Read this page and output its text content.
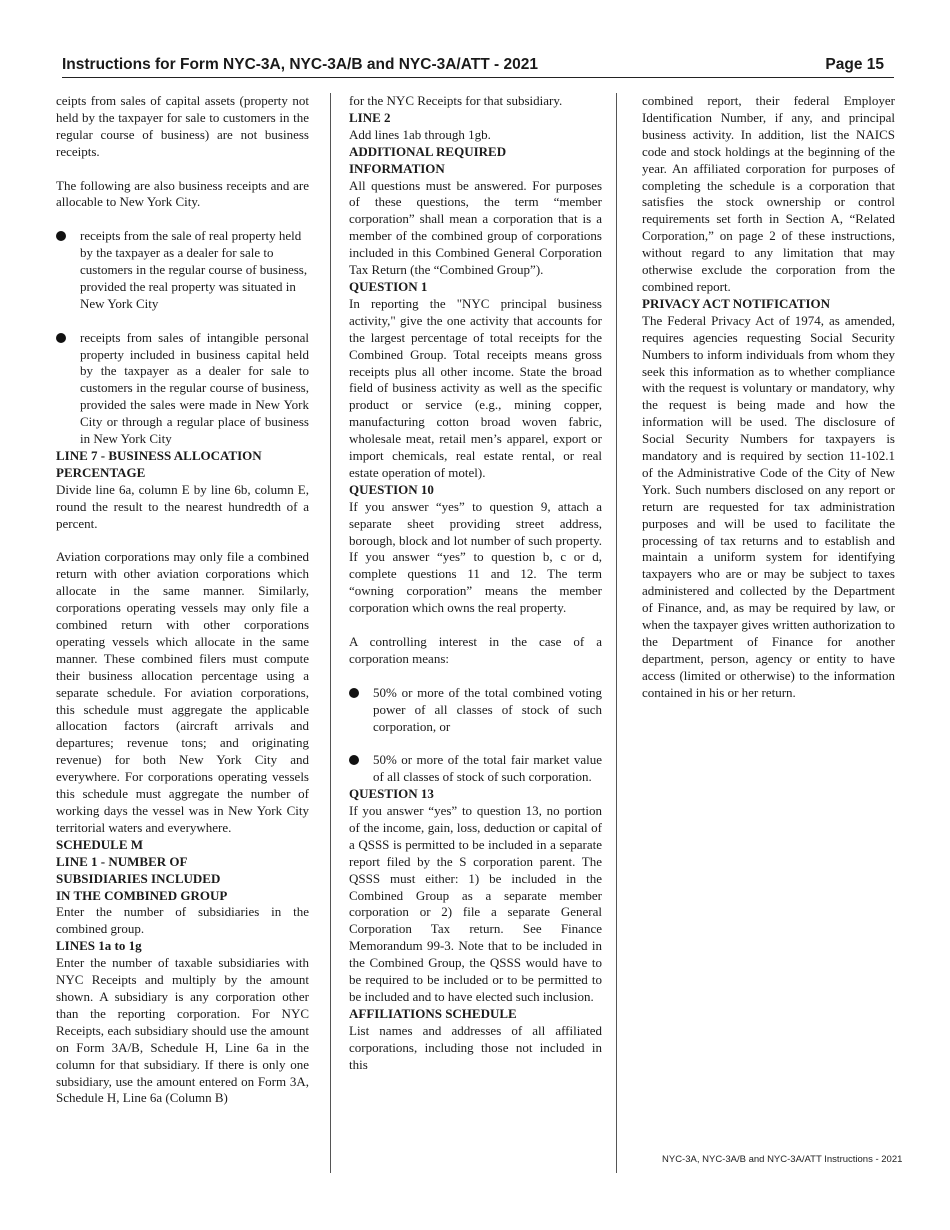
Instructions for Form NYC-3A, NYC-3A/B and NYC-3A/ATT - 2021	Page 15

ceipts from sales of capital assets (property not held by the taxpayer for sale to customers in the regular course of business) are not business receipts.

The following are also business receipts and are allocable to New York City.

receipts from the sale of real property held by the taxpayer as a dealer for sale to customers in the regular course of business, provided the real property was situated in New York City

receipts from sales of intangible personal property included in business capital held by the taxpayer as a dealer for sale to customers in the regular course of business, provided the sales were made in New York City or through a regular place of business in New York City

LINE 7 - BUSINESS ALLOCATION PERCENTAGE

Divide line 6a, column E by line 6b, column E, round the result to the nearest hundredth of a percent.

Aviation corporations may only file a combined return with other aviation corporations which allocate in the same manner. Similarly, corporations operating vessels may only file a combined return with other corporations operating vessels which allocate in the same manner. These combined filers must compute their business allocation percentage using a separate schedule. For aviation corporations, this schedule must aggregate the applicable allocation factors (aircraft arrivals and departures; revenue tons; and originating revenue) for both New York City and everywhere. For corporations operating vessels this schedule must aggregate the number of working days the vessel was in New York City territorial waters and everywhere.

SCHEDULE M

LINE 1 - NUMBER OF

SUBSIDIARIES INCLUDED

IN THE COMBINED GROUP

Enter the number of subsidiaries in the combined group.

LINES 1a to 1g

Enter the number of taxable subsidiaries with NYC Receipts and multiply by the amount shown. A subsidiary is any corporation other than the reporting corporation. For NYC Receipts, each subsidiary should use the amount on Form 3A/B, Schedule H, Line 6a in the column for that subsidiary. If there is only one subsidiary, use the amount entered on Form 3A, Schedule H, Line 6a (Column B)

for the NYC Receipts for that subsidiary.

LINE 2

Add lines 1ab through 1gb.

ADDITIONAL REQUIRED INFORMATION

All questions must be answered. For purposes of these questions, the term “member corporation” shall mean a corporation that is a member of the combined group of corporations included in this Combined General Corporation Tax Return (the “Combined Group”).

QUESTION 1

In reporting the "NYC principal business activity," give the one activity that accounts for the largest percentage of total receipts for the Combined Group. Total receipts means gross receipts plus all other income. State the broad field of business activity as well as the specific product or service (e.g., mining copper, manufacturing cotton broad woven fabric, wholesale meat, retail men’s apparel, export or import chemicals, real estate rental, or real estate operation of motel).

QUESTION 10

If you answer “yes” to question 9, attach a separate sheet providing street address, borough, block and lot number of such property. If you answer “yes” to question b, c or d, complete questions 11 and 12. The term “owning corporation” means the member corporation which owns the real property.

A controlling interest in the case of a corporation means:

50% or more of the total combined voting power of all classes of stock of such corporation, or

50% or more of the total fair market value of all classes of stock of such corporation.

QUESTION 13

If you answer “yes” to question 13, no portion of the income, gain, loss, deduction or capital of a QSSS is permitted to be included in a separate report filed by the S corporation parent. The QSSS must either: 1) be included in the Combined Group as a separate member corporation or 2) file a separate General Corporation Tax return. See Finance Memorandum 99-3. Note that to be included in the Combined Group, the QSSS would have to be required to be included or to be permitted to be included and to have elected such inclusion.

AFFILIATIONS SCHEDULE

List names and addresses of all affiliated corporations, including those not included in this

combined report, their federal Employer Identification Number, if any, and principal business activity. In addition, list the NAICS code and stock holdings at the beginning of the year. An affiliated corporation for purposes of completing the schedule is a corporation that satisfies the stock ownership or control requirements set forth in Section A, “Related Corporation,” on page 2 of these instructions, without regard to any limitation that may otherwise exclude the corporation from the combined report.

PRIVACY ACT NOTIFICATION

The Federal Privacy Act of 1974, as amended, requires agencies requesting Social Security Numbers to inform individuals from whom they seek this information as to whether compliance with the request is voluntary or mandatory, why the request is being made and how the information will be used. The disclosure of Social Security Numbers for taxpayers is mandatory and is required by section 11-102.1 of the Administrative Code of the City of New York. Such numbers disclosed on any report or return are requested for tax administration purposes and will be used to facilitate the processing of tax returns and to establish and maintain a uniform system for identifying taxpayers who are or may be subject to taxes administered and collected by the Department of Finance, and, as may be required by law, or when the taxpayer gives written authorization to the Department of Finance for another department, person, agency or entity to have access (limited or otherwise) to the information contained in his or her return.

NYC-3A, NYC-3A/B and NYC-3A/ATT Instructions - 2021
